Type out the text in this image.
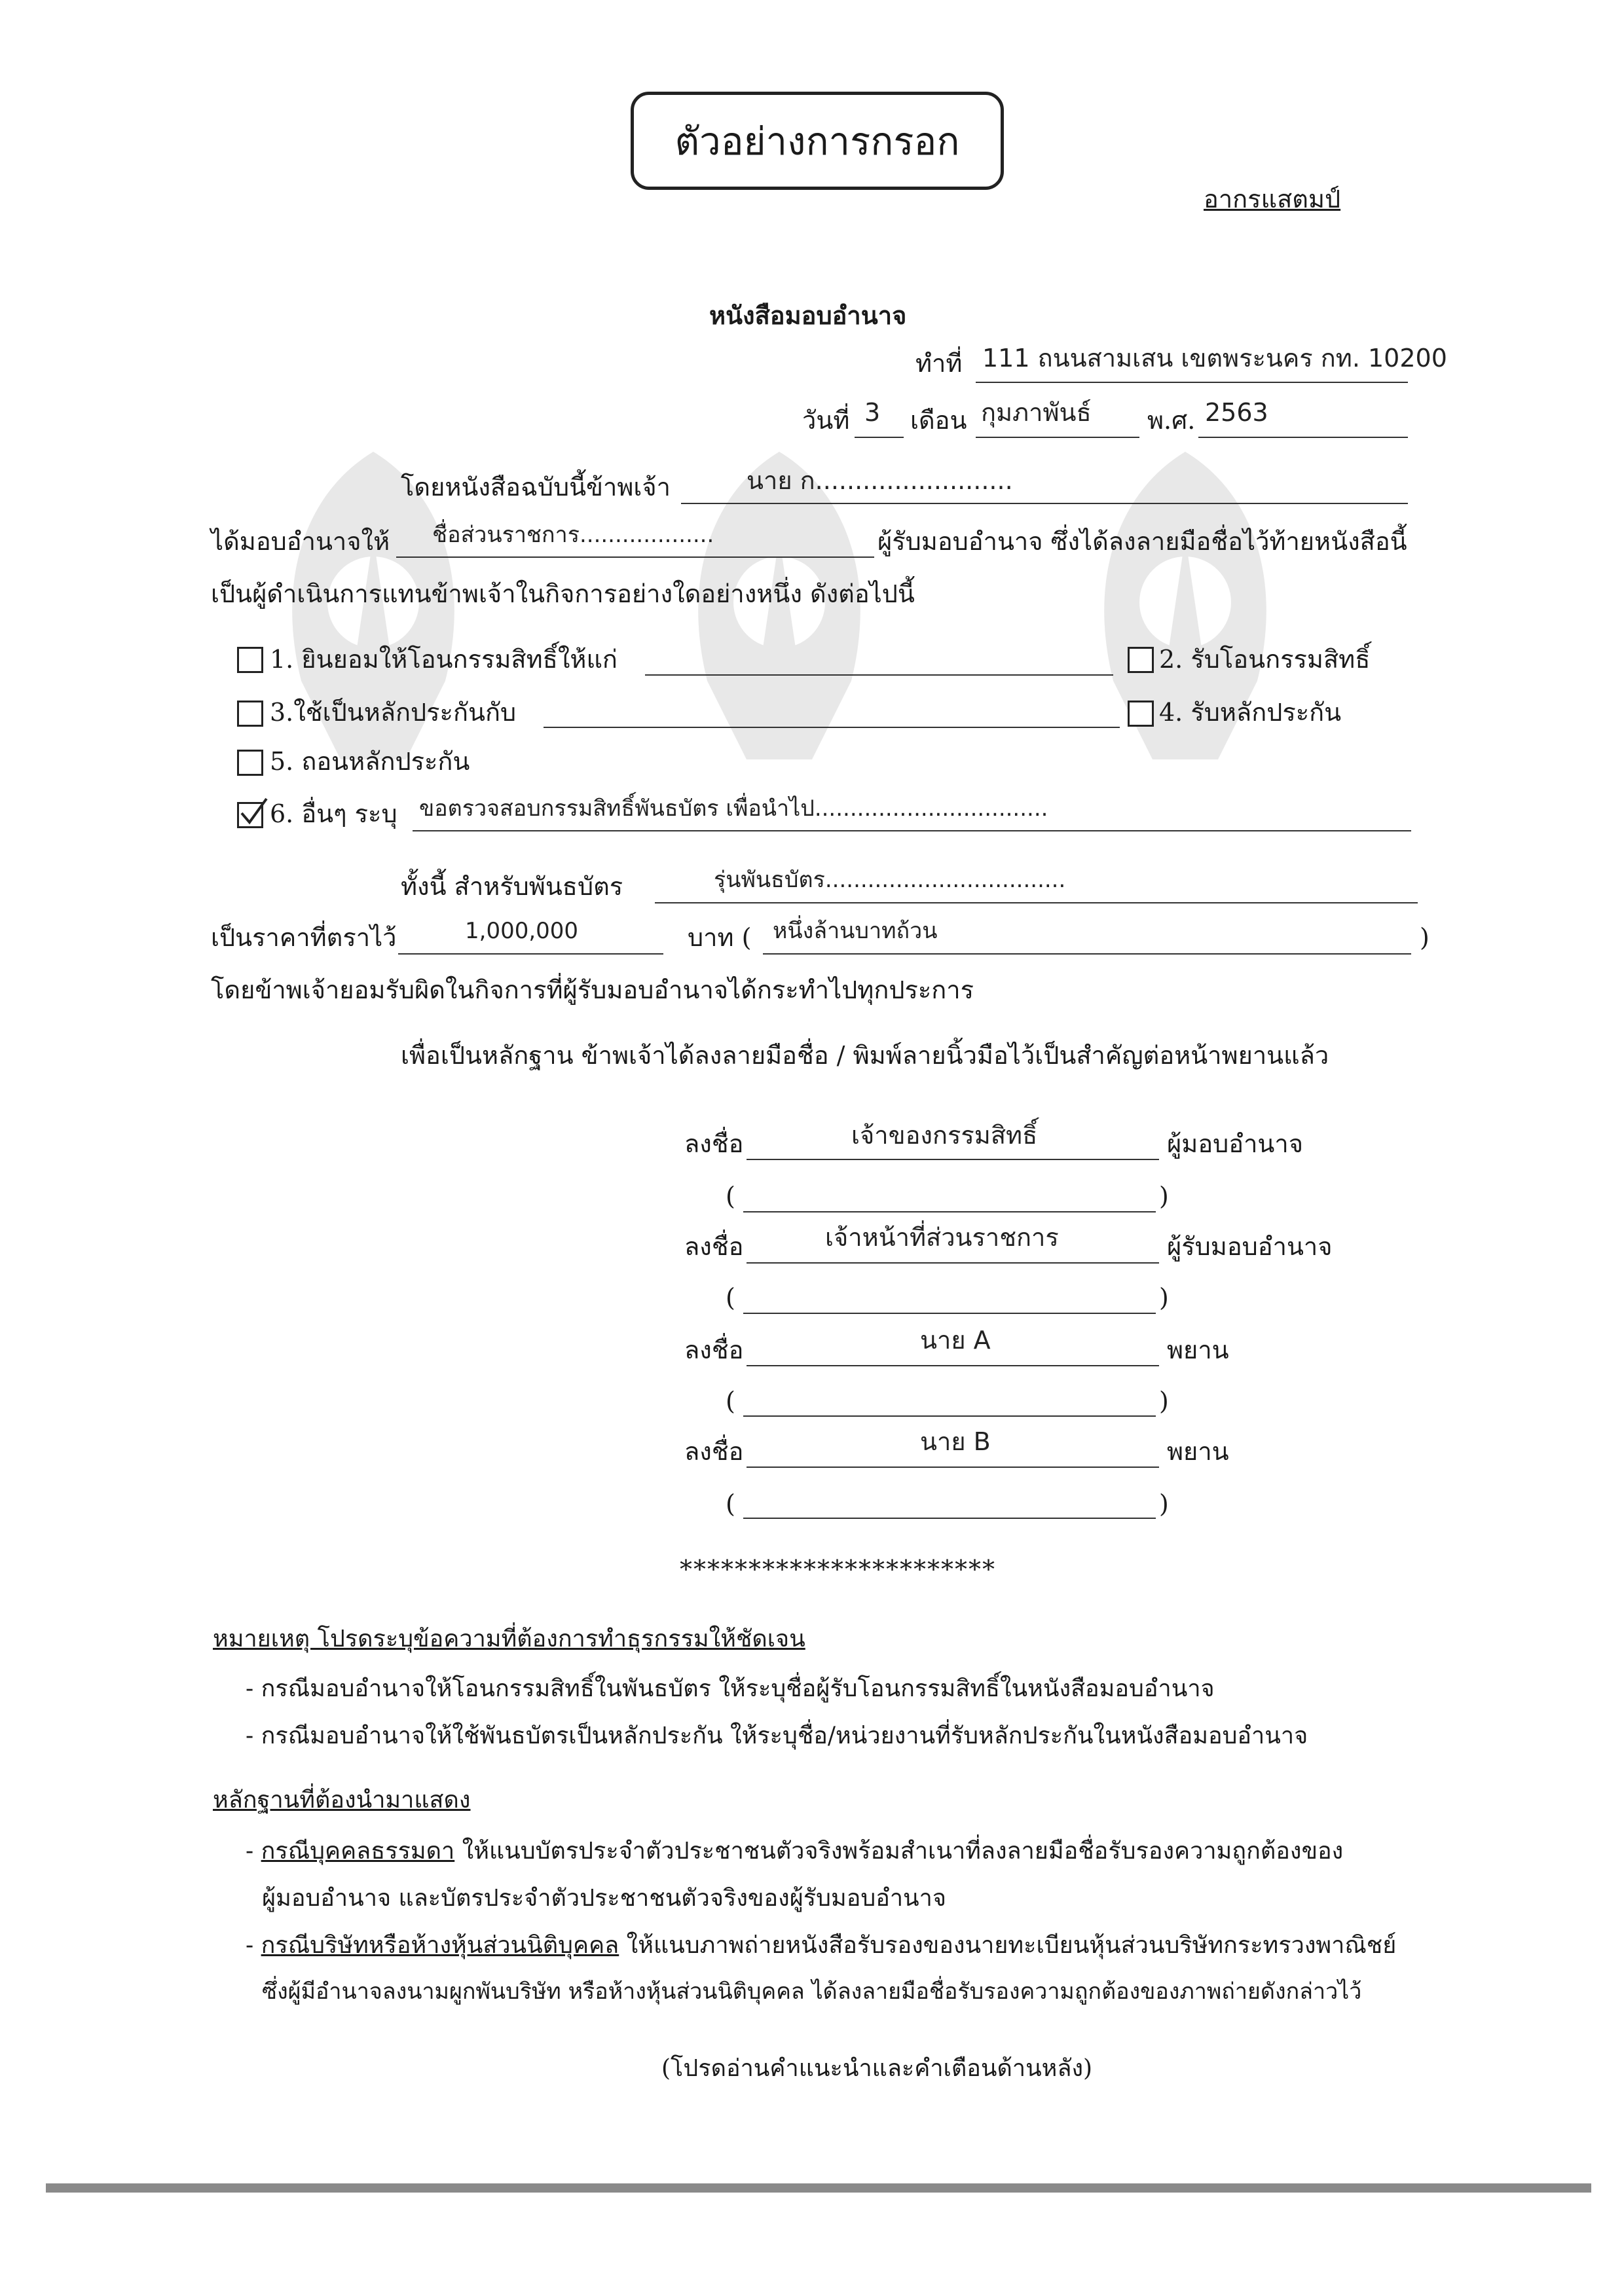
ตัวอย่างการกรอก
อากรแสตมป์
หนังสือมอบอำนาจ
ทำที่ 111 ถนนสามเสน เขตพระนคร กท. 10200
วันที่ 3 เดือน กุมภาพันธ์ พ.ศ. 2563
โดยหนังสือฉบับนี้ข้าพเจ้า	นาย ก.........................
ได้มอบอำนาจให้ ชื่อส่วนราชการ...................	ผู้รับมอบอำนาจ ซึ่งได้ลงลายมือชื่อไว้ท้ายหนังสือนี้
เป็นผู้ดำเนินการแทนข้าพเจ้าในกิจการอย่างใดอย่างหนึ่ง ดังต่อไปนี้
1. ยินยอมให้โอนกรรมสิทธิ์ให้แก่	2. รับโอนกรรมสิทธิ์
3.ใช้เป็นหลักประกันกับ	4. รับหลักประกัน
5. ถอนหลักประกัน
6. อื่นๆ ระบุ ขอตรวจสอบกรรมสิทธิ์พันธบัตร เพื่อนำไป.................................
ทั้งนี้ สำหรับพันธบัตร	รุ่นพันธบัตร..................................
เป็นราคาที่ตราไว้	1,000,000	บาท ( หนึ่งล้านบาทถ้วน	)
โดยข้าพเจ้ายอมรับผิดในกิจการที่ผู้รับมอบอำนาจได้กระทำไปทุกประการ
เพื่อเป็นหลักฐาน ข้าพเจ้าได้ลงลายมือชื่อ / พิมพ์ลายนิ้วมือไว้เป็นสำคัญต่อหน้าพยานแล้ว
ลงชื่อ	เจ้าของกรรมสิทธิ์	ผู้มอบอำนาจ
(	)
ลงชื่อ	เจ้าหน้าที่ส่วนราชการ	ผู้รับมอบอำนาจ
(	)
ลงชื่อ	นาย A	พยาน
(	)
ลงชื่อ	นาย B	พยาน
(	)
***********************
หมายเหตุ โปรดระบุข้อความที่ต้องการทำธุรกรรมให้ชัดเจน
- กรณีมอบอำนาจให้โอนกรรมสิทธิ์ในพันธบัตร ให้ระบุชื่อผู้รับโอนกรรมสิทธิ์ในหนังสือมอบอำนาจ
- กรณีมอบอำนาจให้ใช้พันธบัตรเป็นหลักประกัน ให้ระบุชื่อ/หน่วยงานที่รับหลักประกันในหนังสือมอบอำนาจ
หลักฐานที่ต้องนำมาแสดง
- กรณีบุคคลธรรมดา ให้แนบบัตรประจำตัวประชาชนตัวจริงพร้อมสำเนาที่ลงลายมือชื่อรับรองความถูกต้องของ
ผู้มอบอำนาจ และบัตรประจำตัวประชาชนตัวจริงของผู้รับมอบอำนาจ
- กรณีบริษัทหรือห้างหุ้นส่วนนิติบุคคล ให้แนบภาพถ่ายหนังสือรับรองของนายทะเบียนหุ้นส่วนบริษัทกระทรวงพาณิชย์
ซึ่งผู้มีอำนาจลงนามผูกพันบริษัท หรือห้างหุ้นส่วนนิติบุคคล ได้ลงลายมือชื่อรับรองความถูกต้องของภาพถ่ายดังกล่าวไว้
(โปรดอ่านคำแนะนำและคำเตือนด้านหลัง)
